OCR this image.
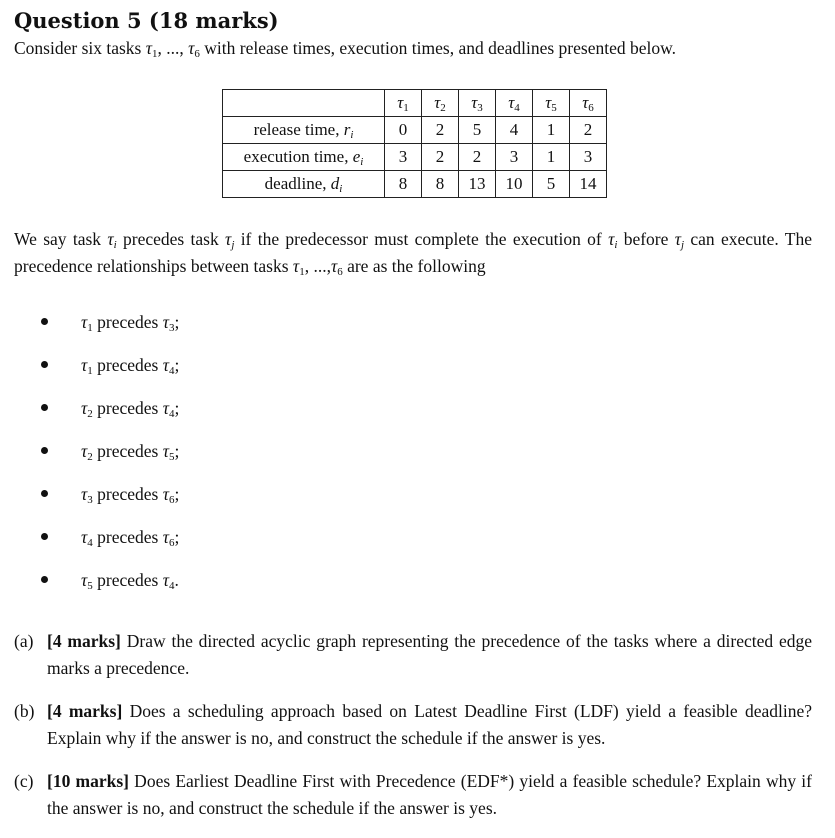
Question 5 (18 marks)
Consider six tasks $\tau_1$, ..., $\tau_6$ with release times, execution times, and deadlines presented below.
	$\tau_1$	$\tau_2$	$\tau_3$	$\tau_4$	$\tau_5$	$\tau_6$
release time, $r_i$	0	2	5	4	1	2
execution time, $e_i$	3	2	2	3	1	3
deadline, $d_i$	8	8	13	10	5	14
We say task $\tau_i$ precedes task $\tau_j$ if the predecessor must complete the execution of $\tau_i$ before $\tau_j$ can execute. The precedence relationships between tasks $\tau_1$, $...,\tau_6$ are as the following
$\tau_1$ precedes $\tau_3$;
$\tau_1$ precedes $\tau_4$;
$\tau_2$ precedes $\tau_4$;
$\tau_2$ precedes $\tau_5$;
$\tau_3$ precedes $\tau_6$;
$\tau_4$ precedes $\tau_6$;
$\tau_5$ precedes $\tau_4$.
(a) [4 marks] Draw the directed acyclic graph representing the precedence of the tasks where a directed edge marks a precedence.
(b) [4 marks] Does a scheduling approach based on Latest Deadline First (LDF) yield a feasible deadline? Explain why if the answer is no, and construct the schedule if the answer is yes.
(c) [10 marks] Does Earliest Deadline First with Precedence (EDF*) yield a feasible schedule? Explain why if the answer is no, and construct the schedule if the answer is yes.
